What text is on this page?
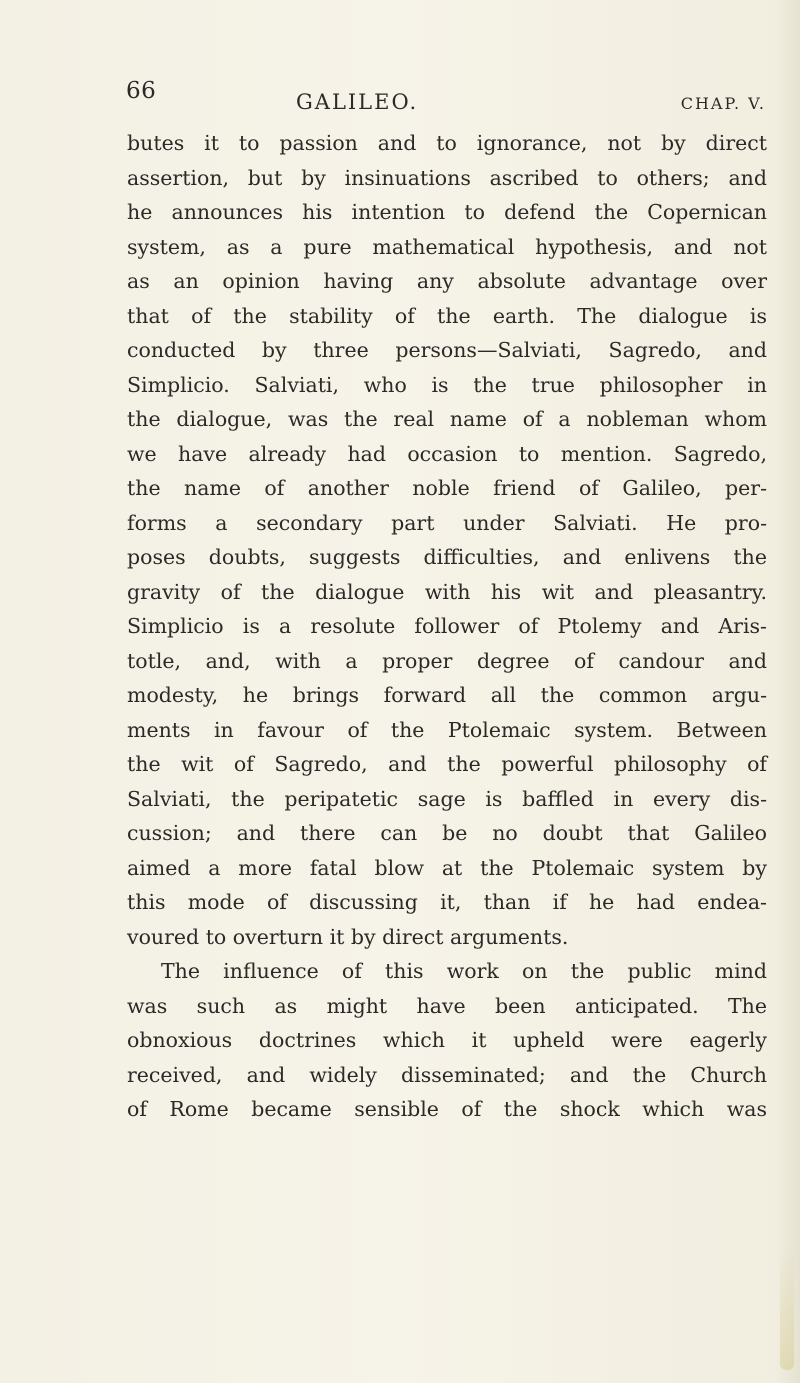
66	GALILEO.	CHAP. V.
butes it to passion and to ignorance, not by direct
assertion, but by insinuations ascribed to others; and
he announces his intention to defend the Copernican
system, as a pure mathematical hypothesis, and not
as an opinion having any absolute advantage over
that of the stability of the earth. The dialogue is
conducted by three persons—Salviati, Sagredo, and
Simplicio. Salviati, who is the true philosopher in
the dialogue, was the real name of a nobleman whom
we have already had occasion to mention. Sagredo,
the name of another noble friend of Galileo, per-
forms a secondary part under Salviati. He pro-
poses doubts, suggests difficulties, and enlivens the
gravity of the dialogue with his wit and pleasantry.
Simplicio is a resolute follower of Ptolemy and Aris-
totle, and, with a proper degree of candour and
modesty, he brings forward all the common argu-
ments in favour of the Ptolemaic system. Between
the wit of Sagredo, and the powerful philosophy of
Salviati, the peripatetic sage is baffled in every dis-
cussion; and there can be no doubt that Galileo
aimed a more fatal blow at the Ptolemaic system by
this mode of discussing it, than if he had endea-
voured to overturn it by direct arguments.
The influence of this work on the public mind
was such as might have been anticipated. The
obnoxious doctrines which it upheld were eagerly
received, and widely disseminated; and the Church
of Rome became sensible of the shock which was
